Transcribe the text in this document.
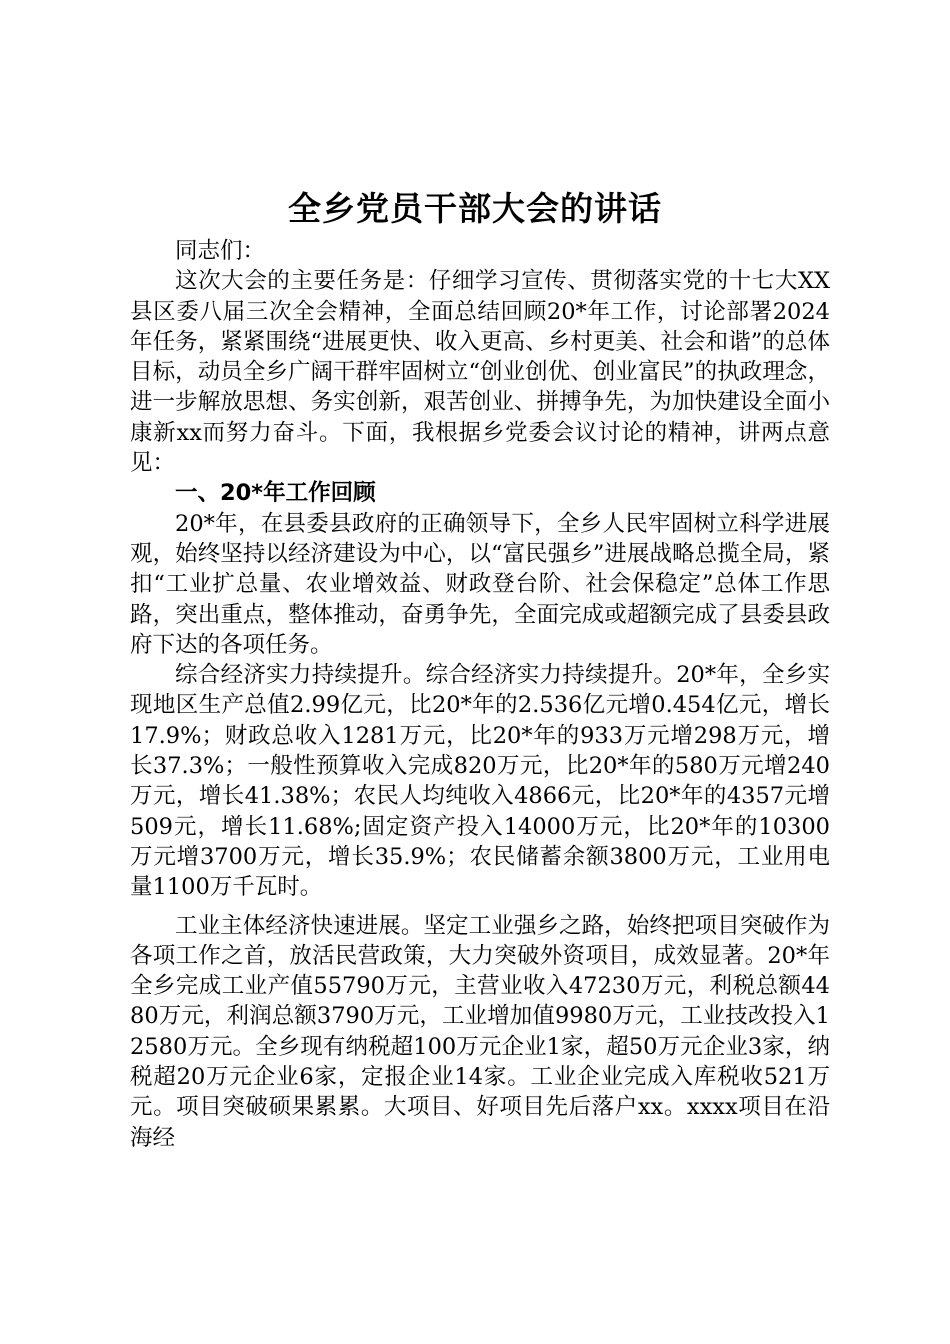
全乡党员干部大会的讲话

同志们：

这次大会的主要任务是：仔细学习宣传、贯彻落实党的十七大XX县区委八届三次全会精神，全面总结回顾20*年工作，讨论部署2024年任务，紧紧围绕“进展更快、收入更高、乡村更美、社会和谐”的总体目标，动员全乡广阔干群牢固树立“创业创优、创业富民”的执政理念，进一步解放思想、务实创新，艰苦创业、拼搏争先，为加快建设全面小康新xx而努力奋斗。下面，我根据乡党委会议讨论的精神，讲两点意见：

一、20*年工作回顾

20*年，在县委县政府的正确领导下，全乡人民牢固树立科学进展观，始终坚持以经济建设为中心，以“富民强乡”进展战略总揽全局，紧扣“工业扩总量、农业增效益、财政登台阶、社会保稳定”总体工作思路，突出重点，整体推动，奋勇争先，全面完成或超额完成了县委县政府下达的各项任务。

综合经济实力持续提升。综合经济实力持续提升。20*年，全乡实现地区生产总值2.99亿元，比20*年的2.536亿元增0.454亿元，增长17.9%；财政总收入1281万元，比20*年的933万元增298万元，增长37.3%；一般性预算收入完成820万元，比20*年的580万元增240万元，增长41.38%；农民人均纯收入4866元，比20*年的4357元增509元，增长11.68%;固定资产投入14000万元，比20*年的10300万元增3700万元，增长35.9%；农民储蓄余额3800万元，工业用电量1100万千瓦时。

工业主体经济快速进展。坚定工业强乡之路，始终把项目突破作为各项工作之首，放活民营政策，大力突破外资项目，成效显著。20*年全乡完成工业产值55790万元，主营业收入47230万元，利税总额4480万元，利润总额3790万元，工业增加值9980万元，工业技改投入12580万元。全乡现有纳税超100万元企业1家，超50万元企业3家，纳税超20万元企业6家，定报企业14家。工业企业完成入库税收521万元。项目突破硕果累累。大项目、好项目先后落户xx。xxxx项目在沿海经
